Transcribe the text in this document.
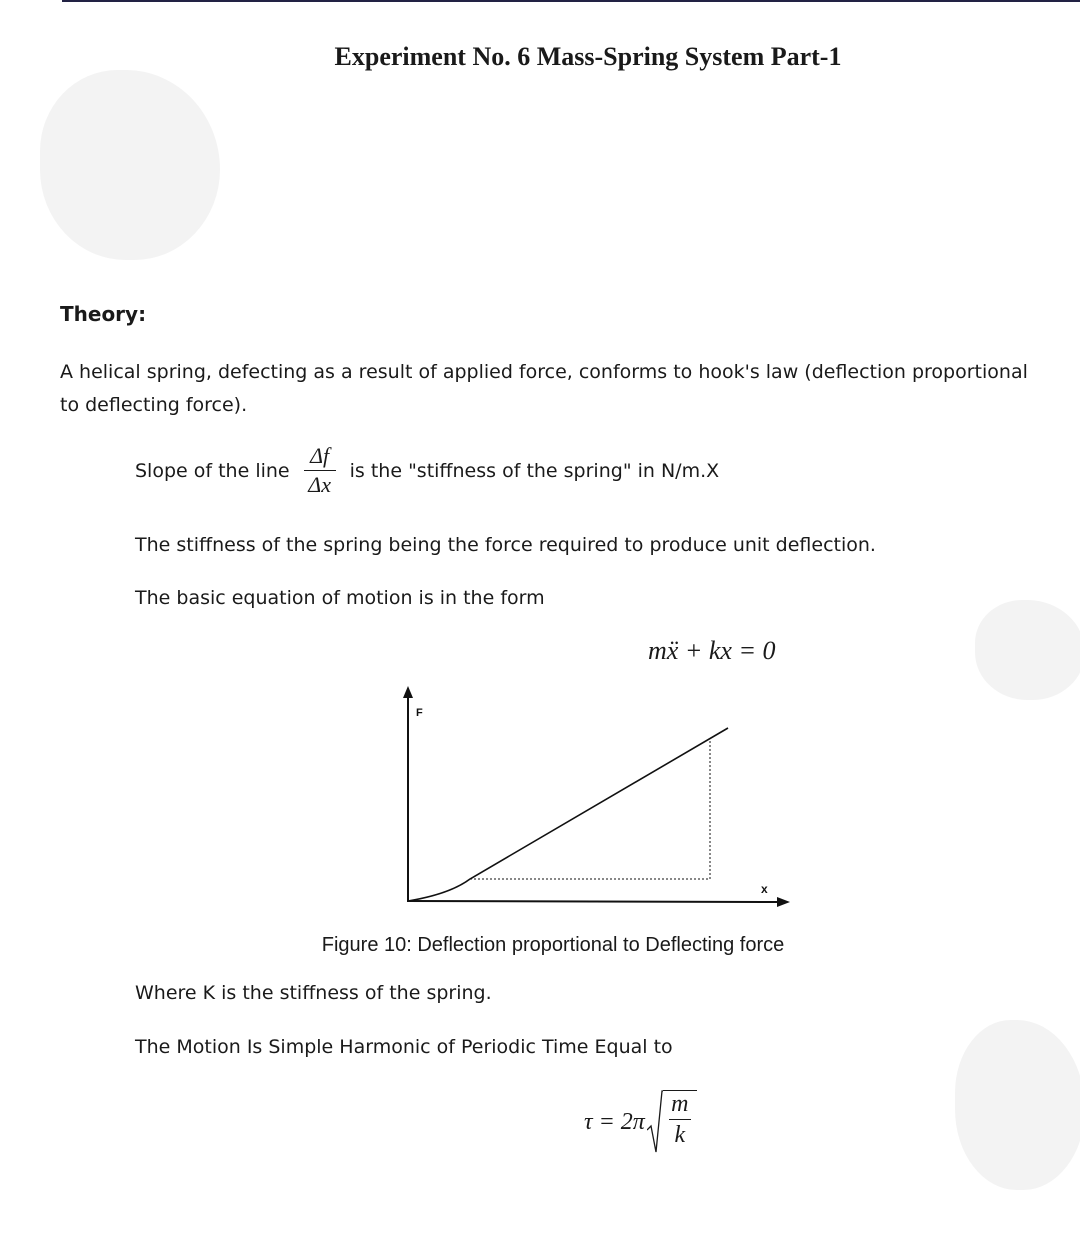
Experiment No. 6 Mass-Spring System Part-1
Theory:
A helical spring, defecting as a result of applied force, conforms to hook's law (deflection proportional to deflecting force).
Slope of the line $\frac{\Delta f}{\Delta x}$ is the "stiffness of the spring" in N/m.X
The stiffness of the spring being the force required to produce unit deflection.
The basic equation of motion is in the form
mẍ + kx = 0
F
x
Figure 10: Deflection proportional to Deflecting force
Where K is the stiffness of the spring.
The Motion Is Simple Harmonic of Periodic Time Equal to
τ = 2π
m
k
